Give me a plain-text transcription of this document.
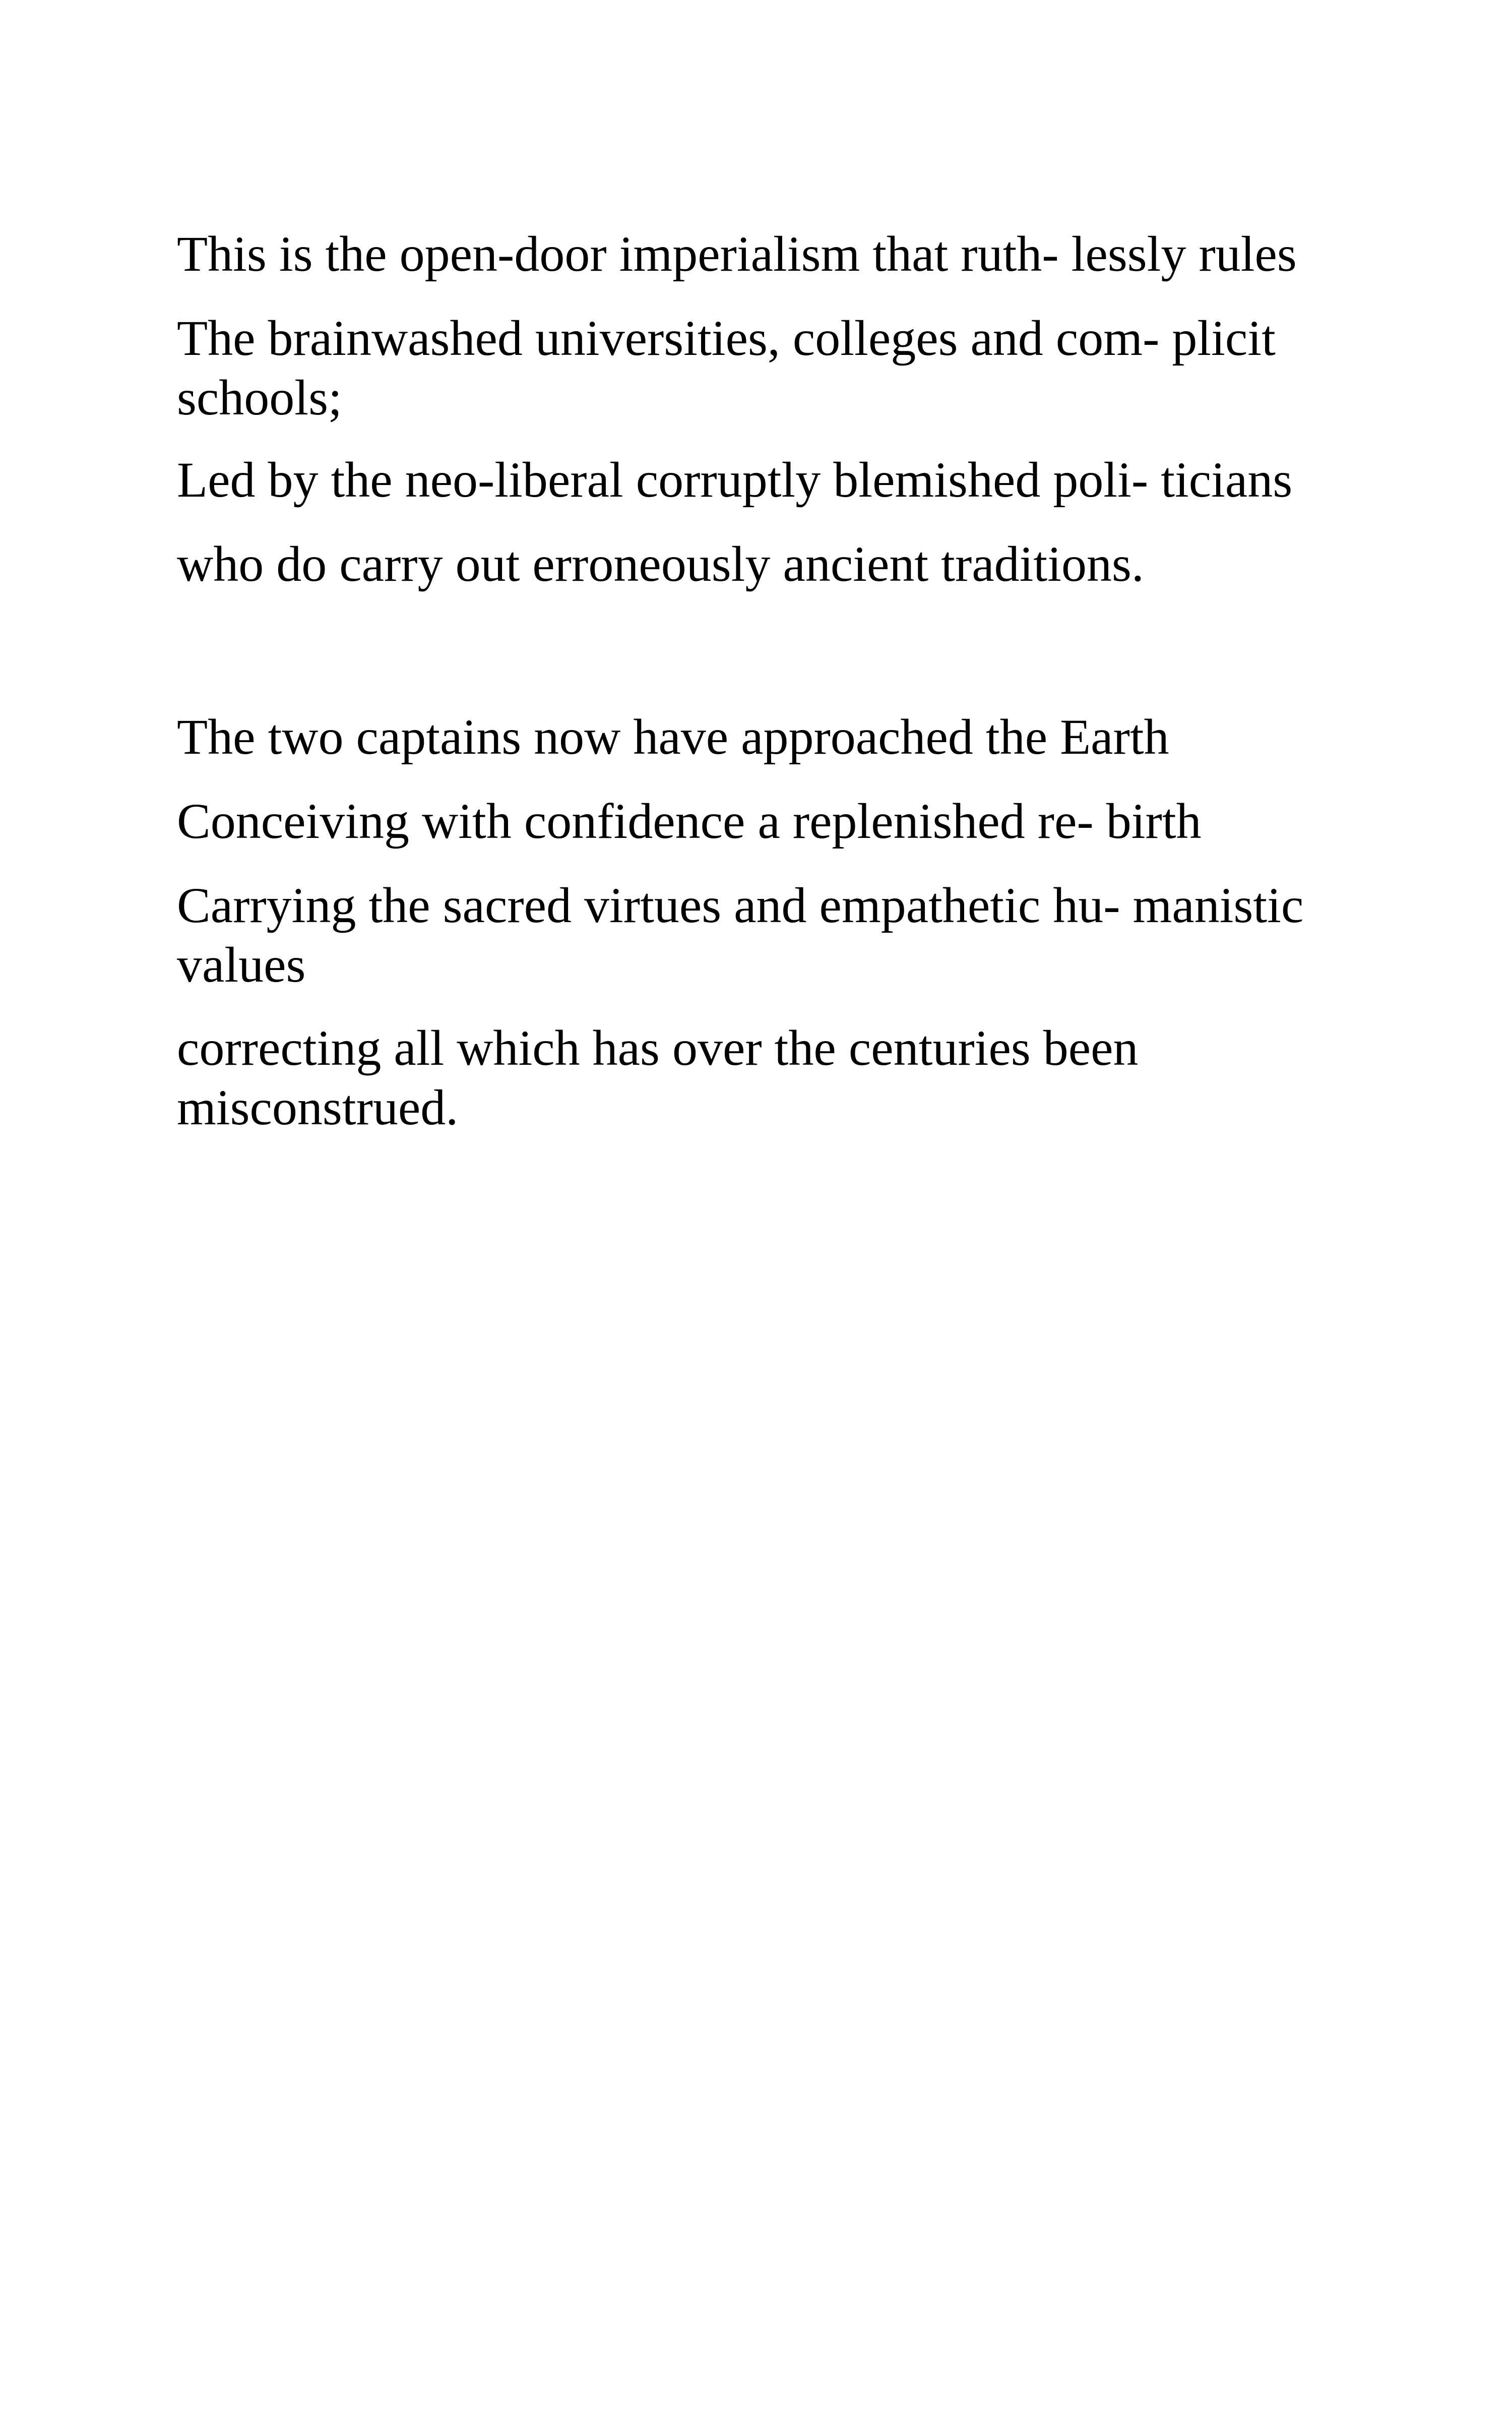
This is the open-door imperialism that ruth- lessly rules

The brainwashed universities, colleges and com- plicit schools;

Led by the neo-liberal corruptly blemished poli- ticians

who do carry out erroneously ancient traditions.

The two captains now have approached the Earth

Conceiving with confidence a replenished re- birth

Carrying the sacred virtues and empathetic hu- manistic values

correcting all which has over the centuries been misconstrued.
